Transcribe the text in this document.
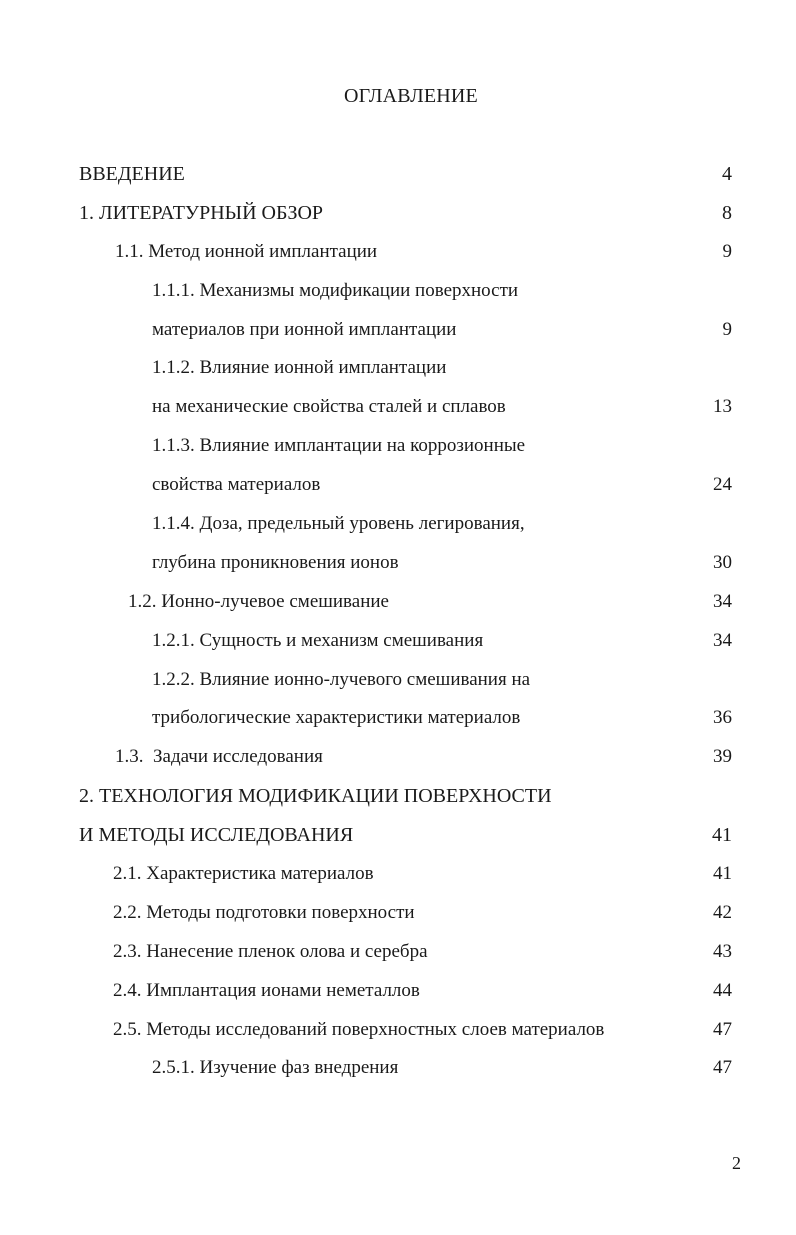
ОГЛАВЛЕНИЕ
ВВЕДЕНИЕ	4
1. ЛИТЕРАТУРНЫЙ ОБЗОР	8
1.1. Метод ионной имплантации	9
1.1.1. Механизмы модификации поверхности
материалов при ионной имплантации	9
1.1.2. Влияние ионной имплантации
на механические свойства сталей и сплавов	13
1.1.3. Влияние имплантации на коррозионные
свойства материалов	24
1.1.4. Доза, предельный уровень легирования,
глубина проникновения ионов	30
1.2. Ионно-лучевое смешивание	34
1.2.1. Сущность и механизм смешивания	34
1.2.2. Влияние ионно-лучевого смешивания на
трибологические характеристики материалов	36
1.3.  Задачи исследования	39
2. ТЕХНОЛОГИЯ МОДИФИКАЦИИ ПОВЕРХНОСТИ
И МЕТОДЫ ИССЛЕДОВАНИЯ	41
2.1. Характеристика материалов	41
2.2. Методы подготовки поверхности	42
2.3. Нанесение пленок олова и серебра	43
2.4. Имплантация ионами неметаллов	44
2.5. Методы исследований поверхностных слоев материалов	47
2.5.1. Изучение фаз внедрения	47
2
